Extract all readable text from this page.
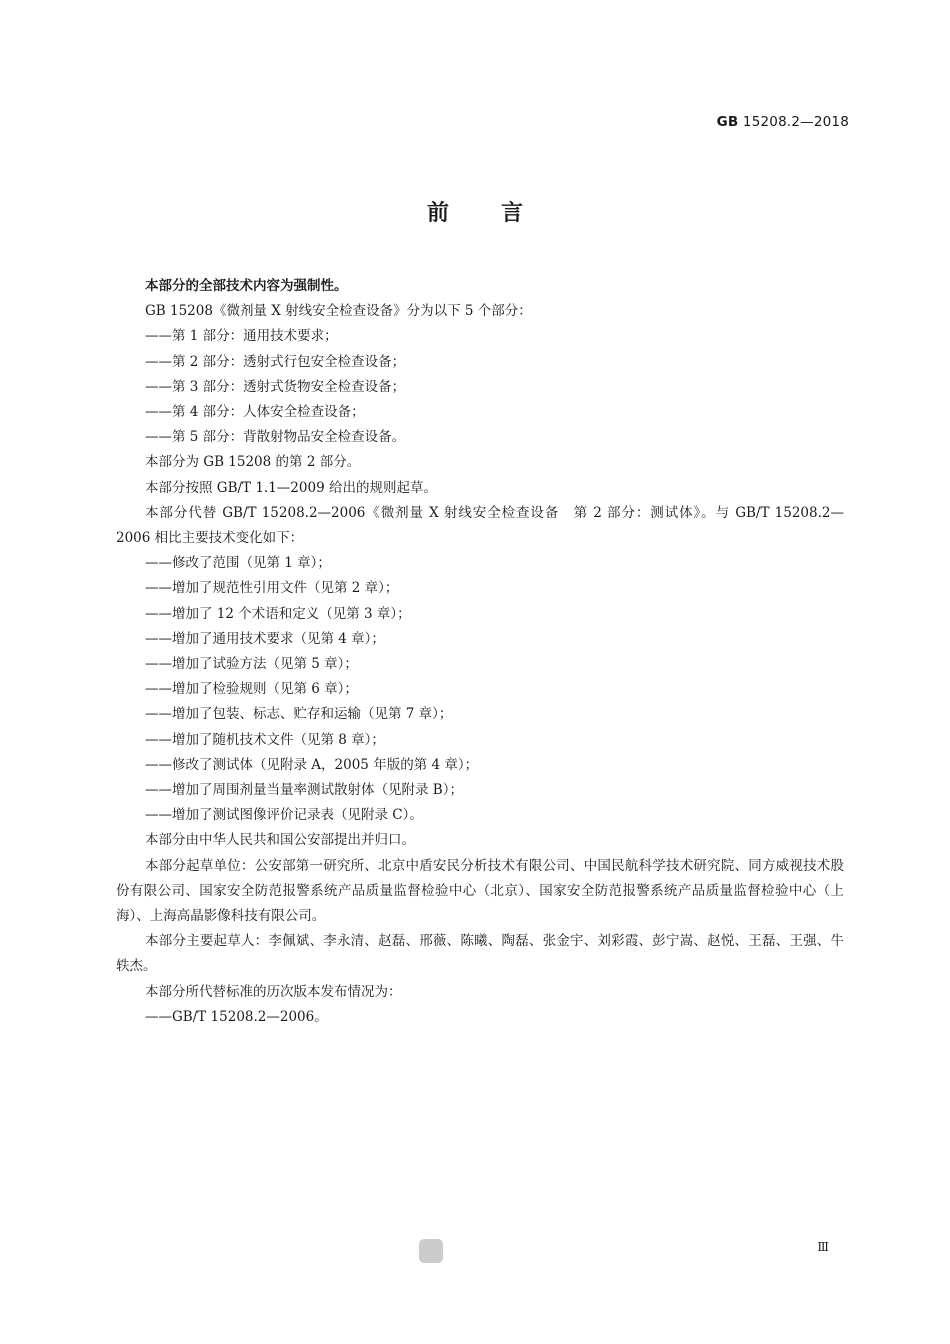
GB 15208.2—2018
前言

本部分的全部技术内容为强制性。

GB 15208《微剂量 X 射线安全检查设备》分为以下 5 个部分：

——第 1 部分：通用技术要求；

——第 2 部分：透射式行包安全检查设备；

——第 3 部分：透射式货物安全检查设备；

——第 4 部分：人体安全检查设备；

——第 5 部分：背散射物品安全检查设备。

本部分为 GB 15208 的第 2 部分。

本部分按照 GB/T 1.1—2009 给出的规则起草。

本部分代替 GB/T 15208.2—2006《微剂量 X 射线安全检查设备　第 2 部分：测试体》。与 GB/T 15208.2—2006 相比主要技术变化如下：

——修改了范围（见第 1 章）；

——增加了规范性引用文件（见第 2 章）；

——增加了 12 个术语和定义（见第 3 章）；

——增加了通用技术要求（见第 4 章）；

——增加了试验方法（见第 5 章）；

——增加了检验规则（见第 6 章）；

——增加了包装、标志、贮存和运输（见第 7 章）；

——增加了随机技术文件（见第 8 章）；

——修改了测试体（见附录 A，2005 年版的第 4 章）；

——增加了周围剂量当量率测试散射体（见附录 B）；

——增加了测试图像评价记录表（见附录 C）。

本部分由中华人民共和国公安部提出并归口。

本部分起草单位：公安部第一研究所、北京中盾安民分析技术有限公司、中国民航科学技术研究院、同方威视技术股份有限公司、国家安全防范报警系统产品质量监督检验中心（北京）、国家安全防范报警系统产品质量监督检验中心（上海）、上海高晶影像科技有限公司。

本部分主要起草人：李佩斌、李永清、赵磊、邢薇、陈曦、陶磊、张金宇、刘彩霞、彭宁嵩、赵悦、王磊、王强、牛轶杰。

本部分所代替标准的历次版本发布情况为：

——GB/T 15208.2—2006。

Ⅲ
